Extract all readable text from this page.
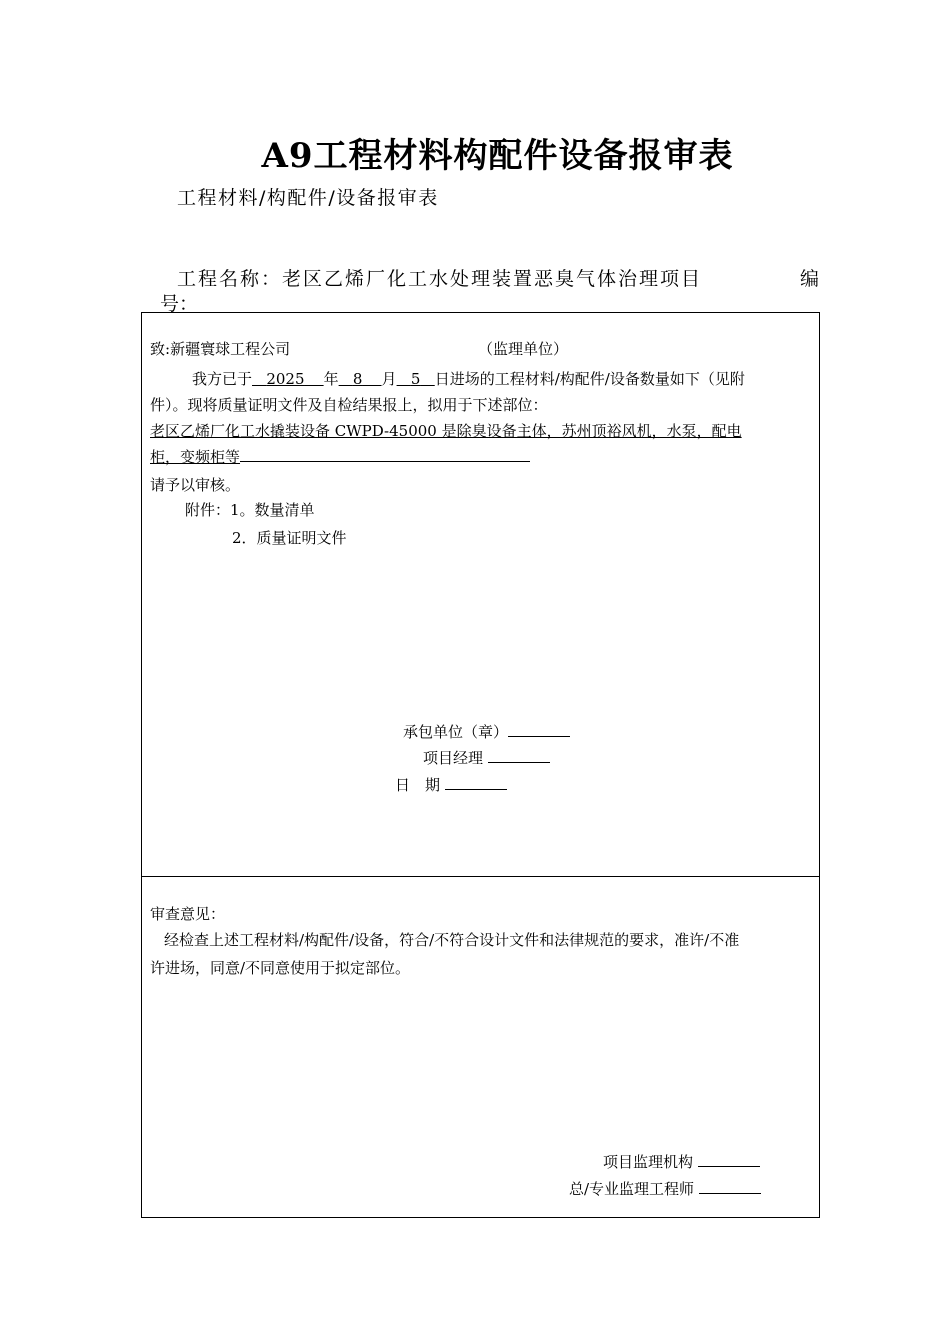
A9工程材料构配件设备报审表
工程材料/构配件/设备报审表
工程名称：老区乙烯厂化工水处理装置恶臭气体治理项目	编
号：
致:新疆寰球工程公司	（监理单位）
我方已于 2025 年 8 月 5 日进场的工程材料/构配件/设备数量如下（见附
件）。现将质量证明文件及自检结果报上，拟用于下述部位：
老区乙烯厂化工水撬装设备 CWPD-45000 是除臭设备主体，苏州顶裕风机，水泵，配电
柜，变频柜等
请予以审核。
附件：1。数量清单
2．质量证明文件
承包单位（章）
项目经理
日　期
审查意见：
经检查上述工程材料/构配件/设备，符合/不符合设计文件和法律规范的要求，准许/不准
许进场，同意/不同意使用于拟定部位。
项目监理机构
总/专业监理工程师
